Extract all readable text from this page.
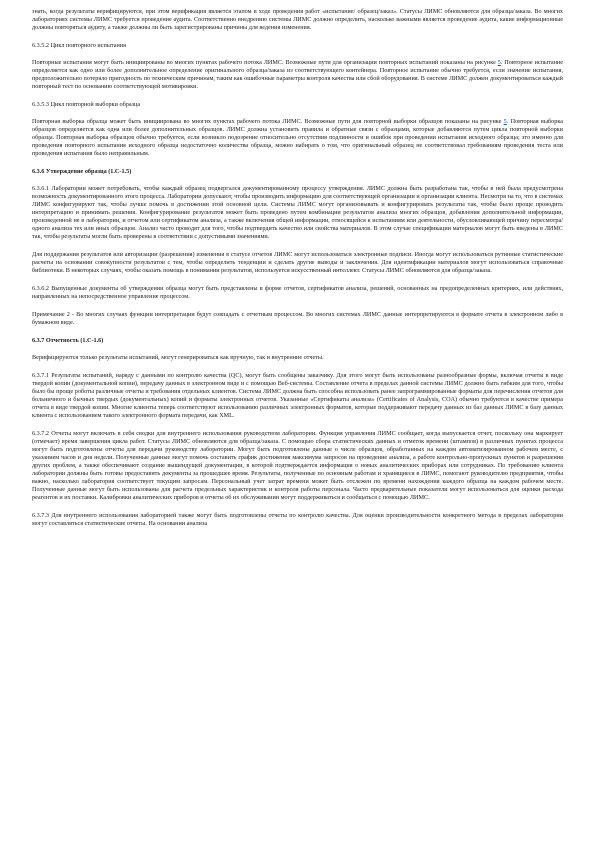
знать, когда результаты верифицируются, при этом верификация является этапом в ходе проведения работ «испытание/ образец/заказ». Статусы ЛИМС обновляются для образца/заказа. Во многих лабораториях системы ЛИМС требуется проведение аудита. Соответственно внедрению системы ЛИМС должно определить, насколько важными является проведение аудита, какие информационные должны повторяться аудиту, а также должны ли быть зарегистрированы причины для ведения изменения.

6.3.5.2 Цикл повторного испытания

Повторные испытания могут быть инициированы во многих пунктах рабочего потока ЛИМС. Возможные пути для организации повторных испытаний показаны на рисунке 5. Повторное испытание определяется как одно или более дополнительное определение оригинального образца/заказа из соответствующего контейнера. Повторное испытание обычно требуется, если значение испытания, предположительно потеряло пригодность по техническим причинам, таким как ошибочные параметры контроля качества или сбой оборудования. В системе ЛИМС должен документироваться каждый повторный тест по основанию соответствующей мотивировки.

6.3.5.3 Цикл повторной выборки образца

Повторная выборка образца может быть инициирована во многих пунктах рабочего потока ЛИМС. Возможные пути для повторной выборки образцов показаны на рисунке 5. Повторная выборка образцов определяется как одна или более дополнительных образцов. ЛИМС должна установить правила и обратные связи с образцами, которые добавляются путем цикла повторной выборки образца. Повторная выборка образцов обычно требуется, если возникло подозрение относительно отсутствия подлинности и ошибок при проведении испытания исходного образца; это именно для проведения повторного испытания исходного образца недостаточно количества образца, можно набирать о том, что оригинальный образец не соответствовал требованиям проведения теста или проведения испытания было неправильным.

6.3.6 Утверждение образца (1.С-1.5)

6.3.6.1 Лаборатории может потребовать, чтобы каждый образец подвергался документированному процессу утверждения. ЛИМС должна быть разработана так, чтобы в ней была предусмотрена возможность документированного этого процесса. Лаборатории допускают, чтобы производить информацию для соответствующей организации и организации клиента. Несмотря на то, что в системах ЛИМС конфигурируют так, чтобы лучше помочь в достижении этой основной цели. Системы ЛИМС могут организовывать и конфигурировать результаты так, чтобы было проще проводить интерпретацию и принимать решения. Конфигурирование результатов может быть проведено путем комбинации результатов анализа многих образцов, добавления дополнительной информации, произведенной не в лаборатории, и отчетом или сертификатом анализа, а также включения общей информации, относящейся к испытаниям или деятельности, обусловливающей причину пересмотра/одного анализа тех или иных образцов. Анализ часто проводят для того, чтобы подтвердить качество или свойства материалов. В этом случае спецификации материалов могут быть введены в ЛИМС так, чтобы результаты могли быть проверены в соответствии с допустимыми значениями.

Для поддержания результатов или авторизации (разрешения) изменения в статусе отчетов ЛИМС могут использоваться электронные подписи. Иногда могут использоваться рутинные статистические расчеты на основании совокупности результатов с тем, чтобы определить тенденции и сделать другие выводы и заключения. Для идентификации материалов могут использоваться справочные библиотеки. В некоторых случаях, чтобы оказать помощь в понимании результатов, используется искусственный интеллект. Статусы ЛИМС обновляются для образца/заказа.

6.3.6.2 Выпущенные документы об утверждении образца могут быть представлены в форме отчетов, сертификатов анализа, решений, основанных на предопределенных критериях, или действиях, направленных на непосредственное управление процессом.

Примечание 2 - Во многих случаях функции интерпретации будут совпадать с отчетным процессом. Во многих системах ЛИМС данные интерпретируются в формате отчета в электронном либо в бумажном виде.

6.3.7 Отчетность (1.С-1.6)

Верифицируются только результаты испытаний, могут генерироваться как вручную, так и внутренние отчеты.

6.3.7.1 Результаты испытаний, наряду с данными по контролю качества (QC), могут быть сообщены заказчику. Для этого могут быть использованы разнообразные формы, включая отчеты в виде твердой копии (документальной копии), передачу данных в электронном виде и с помощью Веб-системы. Составление отчета в пределах данной системы ЛИМС должно быть гибким для того, чтобы было бы проще роботы различные отчеты и требования отдельных клиентов. Система ЛИМС должна быть способна использовать ранее запрограммированные форматы для перечисления отчетов для больничного и бычных твердых (документальных) копий и форматы электронных отчетов. Указанные «Сертификаты анализа» (Certificates of Analysis, COA) обычно требуются в качестве примера отчета в виде твердой копии. Многие клиенты теперь соответствуют использованию различных электронных форматов, которые поддерживают передачу данных из баз данных ЛИМС в базу данных клиента с использованием такого электронного формата передачи, как XML.

6.3.7.2 Отчеты могут включать в себя сводки для внутреннего использования руководством лаборатории. Функция управления ЛИМС сообщает, когда выпускается отчет, поскольку она маркирует (отмечает) время завершения цикла работ. Статусы ЛИМС обновляются для образца/заказа. С помощью сбора статистических данных и отметок времени (штампов) в различных пунктах процесса могут быть подготовлены отчеты для передачи руководству лаборатории. Могут быть подготовлены данные о числе образцов, обработанных на каждом автоматизированном рабочем месте, с указанием часов и дня недели. Полученные данные могут помочь составить график достижения максимума запросов на проведение анализа, а работе контрольно-пропускных пунктов и разрешения других проблем, а также обеспечивают создание вышеидущей документации, в которой подтверждается информация о новых аналитических приборах или сотрудниках. По требованию клиента лаборатории должны быть готовы предоставить документы за прошедшее время. Результаты, полученные по основным работам и хранящиеся в ЛИМС, помогают руководителю предприятия, чтобы важно, насколько лаборатория соответствует текущим запросам. Персональный учет затрат времени может быть отслежен по времени нахождения каждого образца на каждом рабочем месте. Полученные данные могут быть использованы для расчета предельных характеристик и контроля работы персонала. Часто предварительные показатели могут использоваться для оценки расхода реагентов и их поставки. Калибровки аналитических приборов и отчеты об их обслуживании могут поддерживаться и сообщаться с помощью ЛИМС.

6.3.7.3 Для внутреннего использования лабораторией также могут быть подготовлены отчеты по контролю качества. Для оценки производительности конкретного метода в пределах лаборатории могут составляться статистические отчеты. На основании анализа
